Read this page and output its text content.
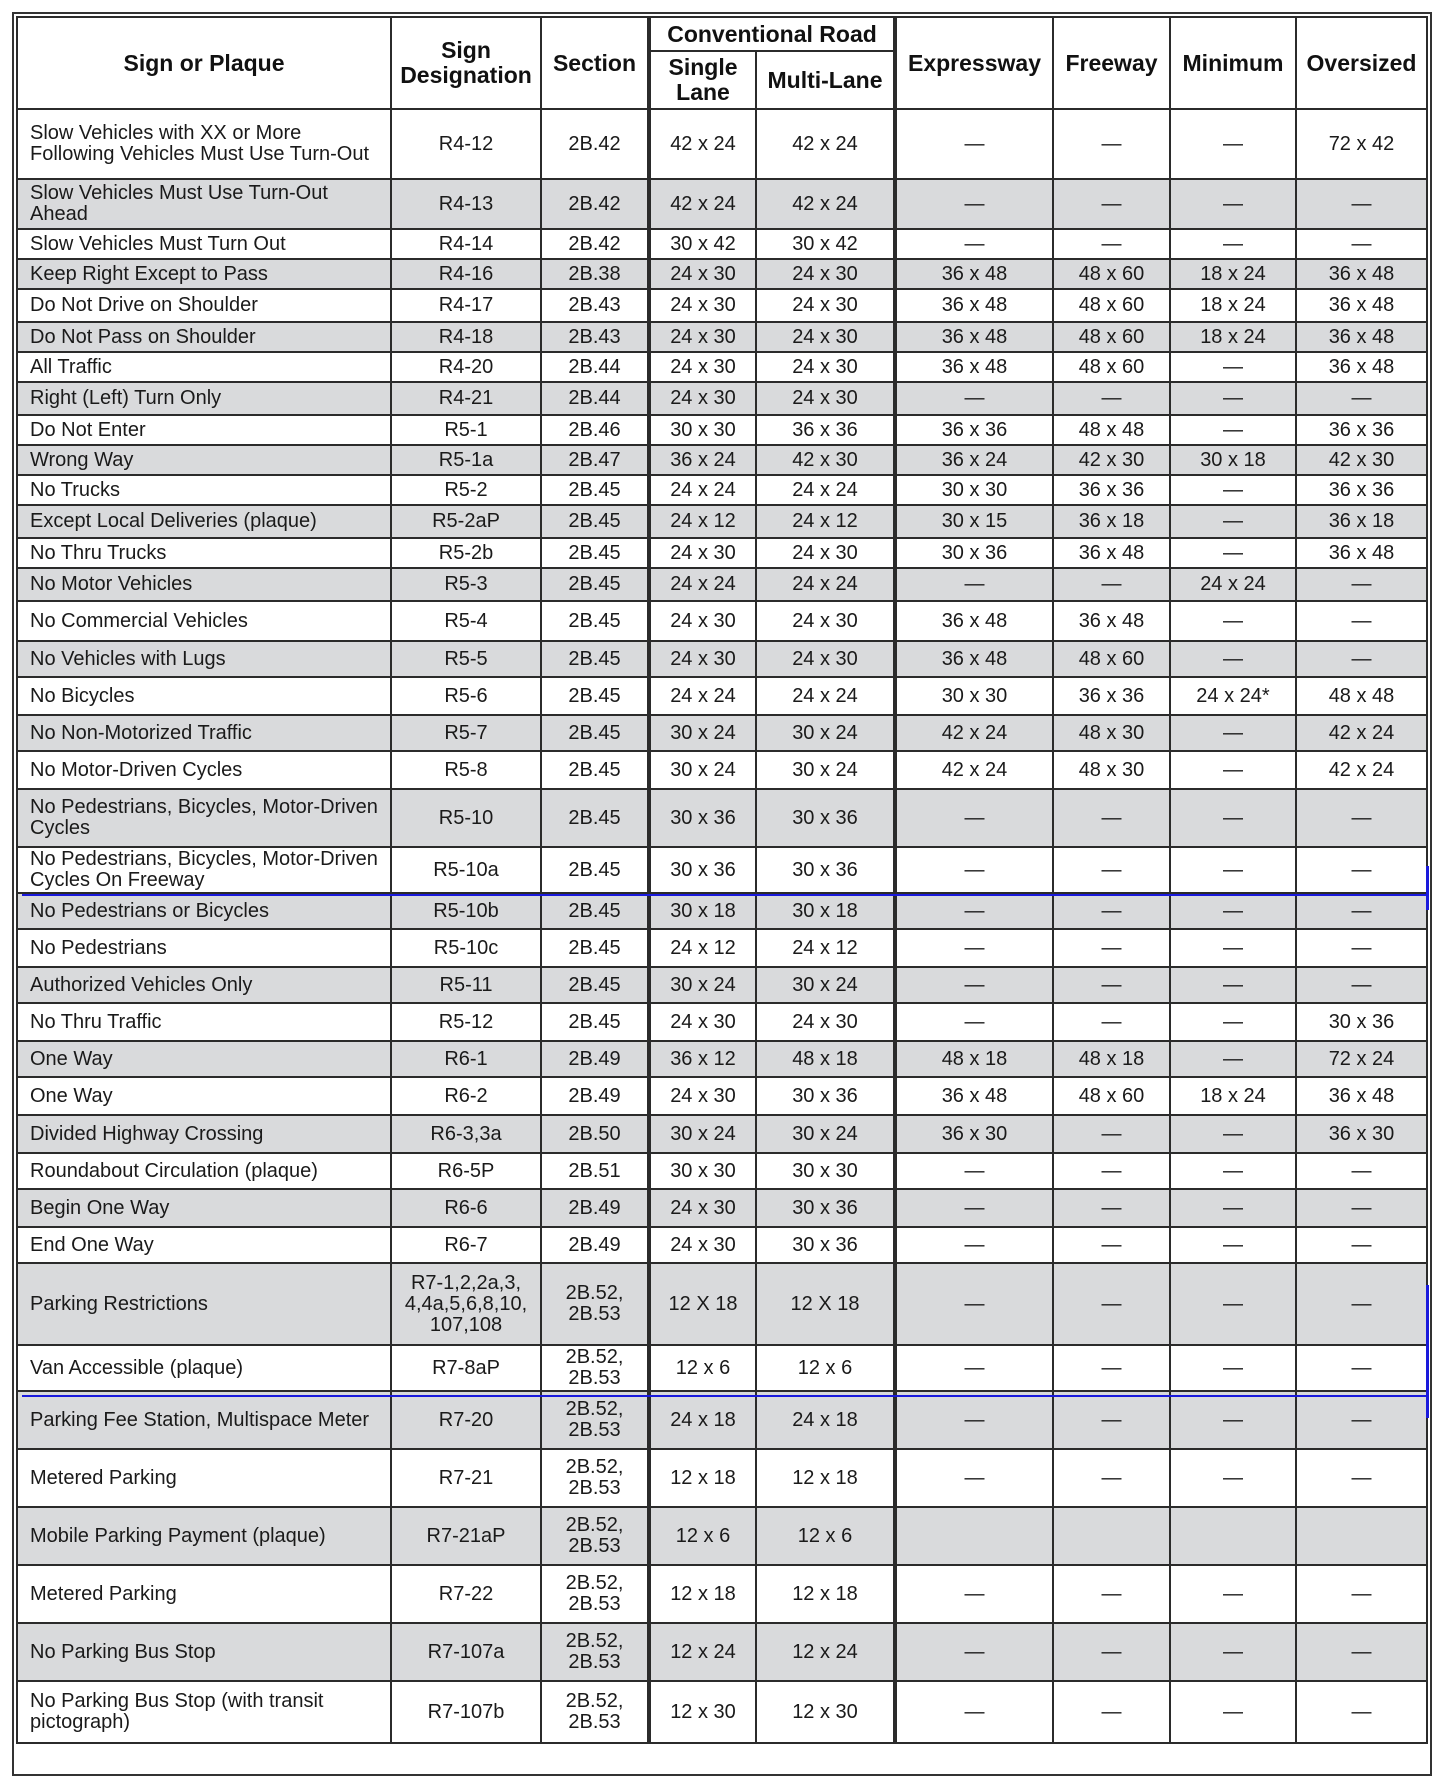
Sign or Plaque	Sign Designation	Section	Conventional Road		Expressway	Freeway	Minimum	Oversized
			Single Lane	Multi-Lane				
Slow Vehicles with XX or More Following Vehicles Must Use Turn-Out	R4-12	2B.42	42 x 24	42 x 24	—	—	—	72 x 42
Slow Vehicles Must Use Turn-Out Ahead	R4-13	2B.42	42 x 24	42 x 24	—	—	—	—
Slow Vehicles Must Turn Out	R4-14	2B.42	30 x 42	30 x 42	—	—	—	—
Keep Right Except to Pass	R4-16	2B.38	24 x 30	24 x 30	36 x 48	48 x 60	18 x 24	36 x 48
Do Not Drive on Shoulder	R4-17	2B.43	24 x 30	24 x 30	36 x 48	48 x 60	18 x 24	36 x 48
Do Not Pass on Shoulder	R4-18	2B.43	24 x 30	24 x 30	36 x 48	48 x 60	18 x 24	36 x 48
All Traffic	R4-20	2B.44	24 x 30	24 x 30	36 x 48	48 x 60	—	36 x 48
Right (Left) Turn Only	R4-21	2B.44	24 x 30	24 x 30	—	—	—	—
Do Not Enter	R5-1	2B.46	30 x 30	36 x 36	36 x 36	48 x 48	—	36 x 36
Wrong Way	R5-1a	2B.47	36 x 24	42 x 30	36 x 24	42 x 30	30 x 18	42 x 30
No Trucks	R5-2	2B.45	24 x 24	24 x 24	30 x 30	36 x 36	—	36 x 36
Except Local Deliveries (plaque)	R5-2aP	2B.45	24 x 12	24 x 12	30 x 15	36 x 18	—	36 x 18
No Thru Trucks	R5-2b	2B.45	24 x 30	24 x 30	30 x 36	36 x 48	—	36 x 48
No Motor Vehicles	R5-3	2B.45	24 x 24	24 x 24	—	—	24 x 24	—
No Commercial Vehicles	R5-4	2B.45	24 x 30	24 x 30	36 x 48	36 x 48	—	—
No Vehicles with Lugs	R5-5	2B.45	24 x 30	24 x 30	36 x 48	48 x 60	—	—
No Bicycles	R5-6	2B.45	24 x 24	24 x 24	30 x 30	36 x 36	24 x 24*	48 x 48
No Non-Motorized Traffic	R5-7	2B.45	30 x 24	30 x 24	42 x 24	48 x 30	—	42 x 24
No Motor-Driven Cycles	R5-8	2B.45	30 x 24	30 x 24	42 x 24	48 x 30	—	42 x 24
No Pedestrians, Bicycles, Motor-Driven Cycles	R5-10	2B.45	30 x 36	30 x 36	—	—	—	—
No Pedestrians, Bicycles, Motor-Driven Cycles On Freeway	R5-10a	2B.45	30 x 36	30 x 36	—	—	—	—
No Pedestrians or Bicycles	R5-10b	2B.45	30 x 18	30 x 18	—	—	—	—
No Pedestrians	R5-10c	2B.45	24 x 12	24 x 12	—	—	—	—
Authorized Vehicles Only	R5-11	2B.45	30 x 24	30 x 24	—	—	—	—
No Thru Traffic	R5-12	2B.45	24 x 30	24 x 30	—	—	—	30 x 36
One Way	R6-1	2B.49	36 x 12	48 x 18	48 x 18	48 x 18	—	72 x 24
One Way	R6-2	2B.49	24 x 30	30 x 36	36 x 48	48 x 60	18 x 24	36 x 48
Divided Highway Crossing	R6-3,3a	2B.50	30 x 24	30 x 24	36 x 30	—	—	36 x 30
Roundabout Circulation (plaque)	R6-5P	2B.51	30 x 30	30 x 30	—	—	—	—
Begin One Way	R6-6	2B.49	24 x 30	30 x 36	—	—	—	—
End One Way	R6-7	2B.49	24 x 30	30 x 36	—	—	—	—
Parking Restrictions	R7-1,2,2a,3, 4,4a,5,6,8,10, 107,108	2B.52, 2B.53	12 X 18	12 X 18	—	—	—	—
Van Accessible (plaque)	R7-8aP	2B.52, 2B.53	12 x 6	12 x 6	—	—	—	—
Parking Fee Station, Multispace Meter	R7-20	2B.52, 2B.53	24 x 18	24 x 18	—	—	—	—
Metered Parking	R7-21	2B.52, 2B.53	12 x 18	12 x 18	—	—	—	—
Mobile Parking Payment (plaque)	R7-21aP	2B.52, 2B.53	12 x 6	12 x 6				
Metered Parking	R7-22	2B.52, 2B.53	12 x 18	12 x 18	—	—	—	—
No Parking Bus Stop	R7-107a	2B.52, 2B.53	12 x 24	12 x 24	—	—	—	—
No Parking Bus Stop (with transit pictograph)	R7-107b	2B.52, 2B.53	12 x 30	12 x 30	—	—	—	—
